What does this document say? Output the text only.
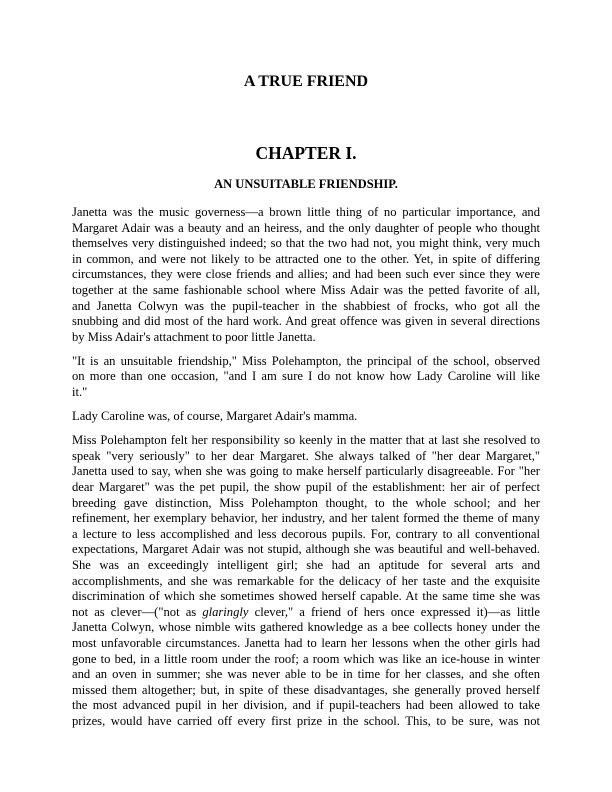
A TRUE FRIEND
CHAPTER I.
AN UNSUITABLE FRIENDSHIP.
Janetta was the music governess—a brown little thing of no particular importance, and
Margaret Adair was a beauty and an heiress, and the only daughter of people who thought
themselves very distinguished indeed; so that the two had not, you might think, very much
in common, and were not likely to be attracted one to the other. Yet, in spite of differing
circumstances, they were close friends and allies; and had been such ever since they were
together at the same fashionable school where Miss Adair was the petted favorite of all,
and Janetta Colwyn was the pupil-teacher in the shabbiest of frocks, who got all the
snubbing and did most of the hard work. And great offence was given in several directions
by Miss Adair's attachment to poor little Janetta.
"It is an unsuitable friendship," Miss Polehampton, the principal of the school, observed
on more than one occasion, "and I am sure I do not know how Lady Caroline will like
it."
Lady Caroline was, of course, Margaret Adair's mamma.
Miss Polehampton felt her responsibility so keenly in the matter that at last she resolved to
speak "very seriously" to her dear Margaret. She always talked of "her dear Margaret,"
Janetta used to say, when she was going to make herself particularly disagreeable. For "her
dear Margaret" was the pet pupil, the show pupil of the establishment: her air of perfect
breeding gave distinction, Miss Polehampton thought, to the whole school; and her
refinement, her exemplary behavior, her industry, and her talent formed the theme of many
a lecture to less accomplished and less decorous pupils. For, contrary to all conventional
expectations, Margaret Adair was not stupid, although she was beautiful and well-behaved.
She was an exceedingly intelligent girl; she had an aptitude for several arts and
accomplishments, and she was remarkable for the delicacy of her taste and the exquisite
discrimination of which she sometimes showed herself capable. At the same time she was
not as clever—("not as glaringly clever," a friend of hers once expressed it)—as little
Janetta Colwyn, whose nimble wits gathered knowledge as a bee collects honey under the
most unfavorable circumstances. Janetta had to learn her lessons when the other girls had
gone to bed, in a little room under the roof; a room which was like an ice-house in winter
and an oven in summer; she was never able to be in time for her classes, and she often
missed them altogether; but, in spite of these disadvantages, she generally proved herself
the most advanced pupil in her division, and if pupil-teachers had been allowed to take
prizes, would have carried off every first prize in the school. This, to be sure, was not
